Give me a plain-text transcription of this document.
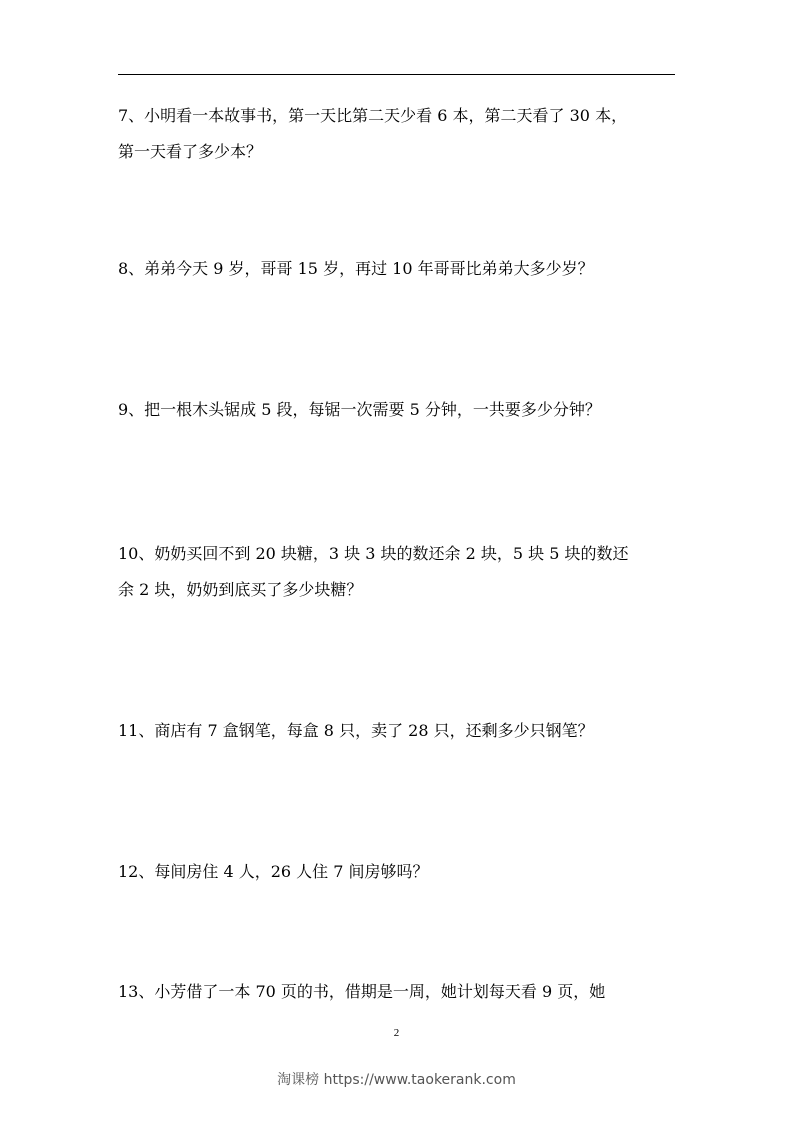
7、小明看一本故事书，第一天比第二天少看 6 本，第二天看了 30 本，
第一天看了多少本？
8、弟弟今天 9 岁，哥哥 15 岁，再过 10 年哥哥比弟弟大多少岁？
9、把一根木头锯成 5 段，每锯一次需要 5 分钟，一共要多少分钟？
10、奶奶买回不到 20 块糖，3 块 3 块的数还余 2 块，5 块 5 块的数还
余 2 块，奶奶到底买了多少块糖？
11、商店有 7 盒钢笔，每盒 8 只，卖了 28 只，还剩多少只钢笔？
12、每间房住 4 人，26 人住 7 间房够吗？
13、小芳借了一本 70 页的书，借期是一周，她计划每天看 9 页，她
2
淘课榜 https://www.taokerank.com
